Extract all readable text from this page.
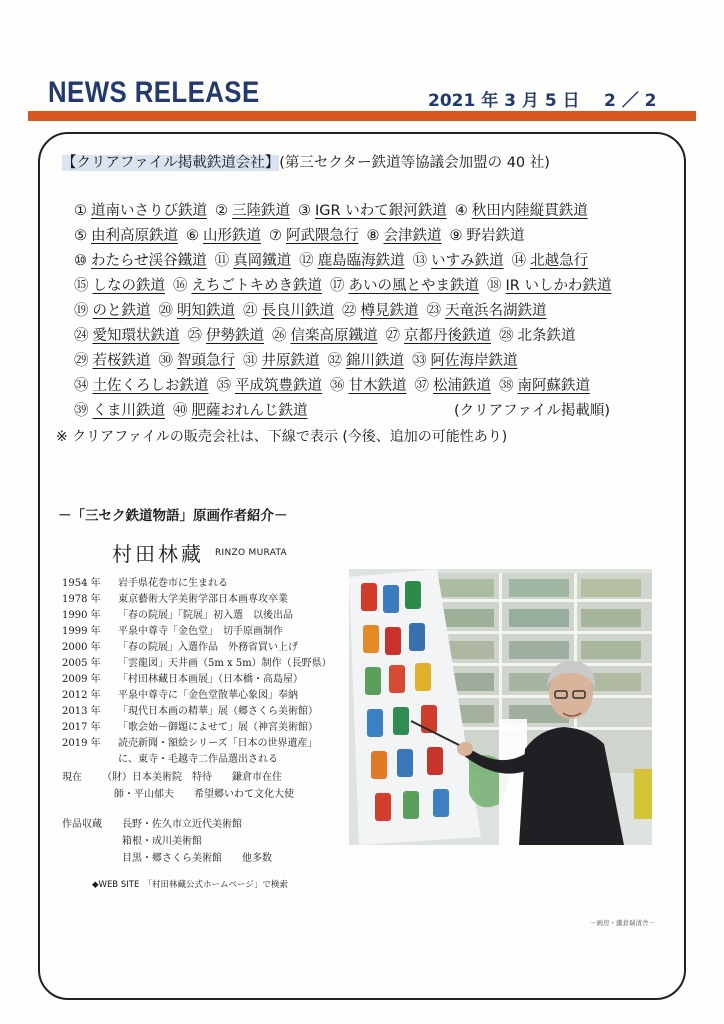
NEWS RELEASE	2021 年 3 月 5 日 2 ／ 2
【クリアファイル掲載鉄道会社】(第三セクター鉄道等協議会加盟の 40 社)
① 道南いさりび鉄道 ② 三陸鉄道 ③ IGR いわて銀河鉄道 ④ 秋田内陸縦貫鉄道
⑤ 由利高原鉄道 ⑥ 山形鉄道 ⑦ 阿武隈急行 ⑧ 会津鉄道 ⑨ 野岩鉄道
⑩ わたらせ渓谷鐵道 ⑪ 真岡鐵道 ⑫ 鹿島臨海鉄道 ⑬ いすみ鉄道 ⑭ 北越急行
⑮ しなの鉄道 ⑯ えちごトキめき鉄道 ⑰ あいの風とやま鉄道 ⑱ IR いしかわ鉄道
⑲ のと鉄道 ⑳ 明知鉄道 ㉑ 長良川鉄道 ㉒ 樽見鉄道 ㉓ 天竜浜名湖鉄道
㉔ 愛知環状鉄道 ㉕ 伊勢鉄道 ㉖ 信楽高原鐵道 ㉗ 京都丹後鉄道 ㉘ 北条鉄道
㉙ 若桜鉄道 ㉚ 智頭急行 ㉛ 井原鉄道 ㉜ 錦川鉄道 ㉝ 阿佐海岸鉄道
㉞ 土佐くろしお鉄道 ㉟ 平成筑豊鉄道 ㊱ 甘木鉄道 ㊲ 松浦鉄道 ㊳ 南阿蘇鉄道
㊴ くま川鉄道 ㊵ 肥薩おれんじ鉄道	(クリアファイル掲載順)
※ クリアファイルの販売会社は、下線で表示 (今後、追加の可能性あり)
－「三セク鉄道物語」原画作者紹介－
村田林藏 RINZO MURATA
1954 年 岩手県花巻市に生まれる
1978 年 東京藝術大学美術学部日本画専攻卒業
1990 年 「春の院展」「院展」初入選　以後出品
1999 年 平泉中尊寺「金色堂」　切手原画制作
2000 年 「春の院展」入選作品　外務省買い上げ
2005 年 「雲龍図」天井画（5m x 5m）制作（長野県）
2009 年 「村田林藏日本画展」（日本橋・高島屋）
2012 年 平泉中尊寺に「金色堂散華心象図」奉納
2013 年 「現代日本画の精華」展（郷さくら美術館）
2017 年 「歌会始－御題によせて」展（神宮美術館）
2019 年 読売新聞・額絵シリーズ「日本の世界遺産」
に、東寺・毛越寺二作品選出される
現在 （財）日本美術院　特待　　鎌倉市在住
師・平山郁夫　　希望郷いわて文化大使
作品収蔵 長野・佐久市立近代美術館
箱根・成川美術館
目黒・郷さくら美術館　　他多数
◆WEB SITE　「村田林藏公式ホームページ」で検索
－画房・鎌倉瑞清舎－
